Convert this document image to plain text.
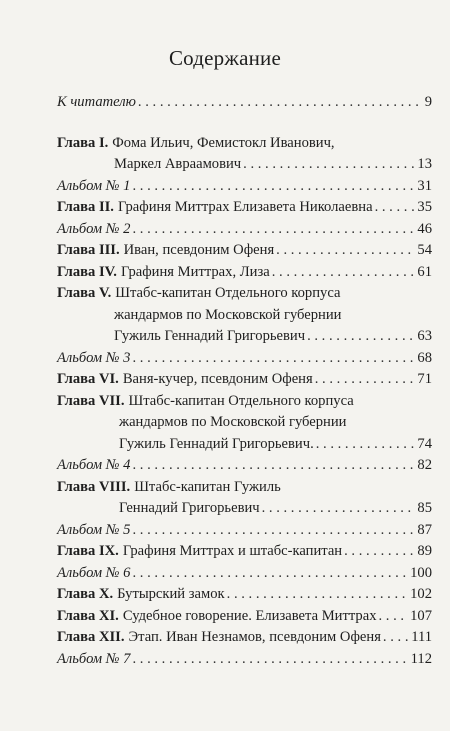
Содержание
К читателю . . .	9
Глава I. Фома Ильич, Фемистокл Иванович,
Маркел Авраамович . . .	13
Альбом № 1 . . .	31
Глава II. Графиня Миттрах Елизавета Николаевна . . .	35
Альбом № 2 . . .	46
Глава III. Иван, псевдоним Офеня . . .	54
Глава IV. Графиня Миттрах, Лиза . . .	61
Глава V. Штабс-капитан Отдельного корпуса
жандармов по Московской губернии
Гужиль Геннадий Григорьевич . . .	63
Альбом № 3 . . .	68
Глава VI. Ваня-кучер, псевдоним Офеня . . .	71
Глава VII. Штабс-капитан Отдельного корпуса
жандармов по Московской губернии
Гужиль Геннадий Григорьевич. . . .	74
Альбом № 4 . . .	82
Глава VIII. Штабс-капитан Гужиль
Геннадий Григорьевич . . .	85
Альбом № 5 . . .	87
Глава IX. Графиня Миттрах и штабс-капитан . . .	89
Альбом № 6 . . .	100
Глава X. Бутырский замок . . .	102
Глава XI. Судебное говорение. Елизавета Миттрах . . . 107
Глава XII. Этап. Иван Незнамов, псевдоним Офеня . . . 111
Альбом № 7 . . .	112
